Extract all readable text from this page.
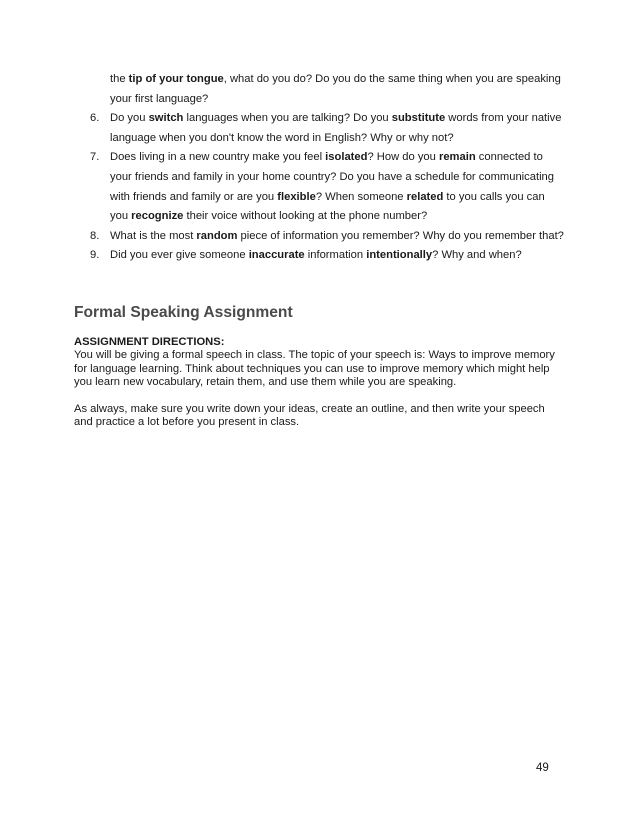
the tip of your tongue, what do you do? Do you do the same thing when you are speaking your first language?
6. Do you switch languages when you are talking? Do you substitute words from your native language when you don't know the word in English? Why or why not?
7. Does living in a new country make you feel isolated? How do you remain connected to your friends and family in your home country? Do you have a schedule for communicating with friends and family or are you flexible? When someone related to you calls you can you recognize their voice without looking at the phone number?
8. What is the most random piece of information you remember? Why do you remember that?
9. Did you ever give someone inaccurate information intentionally? Why and when?
Formal Speaking Assignment
ASSIGNMENT DIRECTIONS:
You will be giving a formal speech in class. The topic of your speech is: Ways to improve memory for language learning. Think about techniques you can use to improve memory which might help you learn new vocabulary, retain them, and use them while you are speaking.
As always, make sure you write down your ideas, create an outline, and then write your speech and practice a lot before you present in class.
49
